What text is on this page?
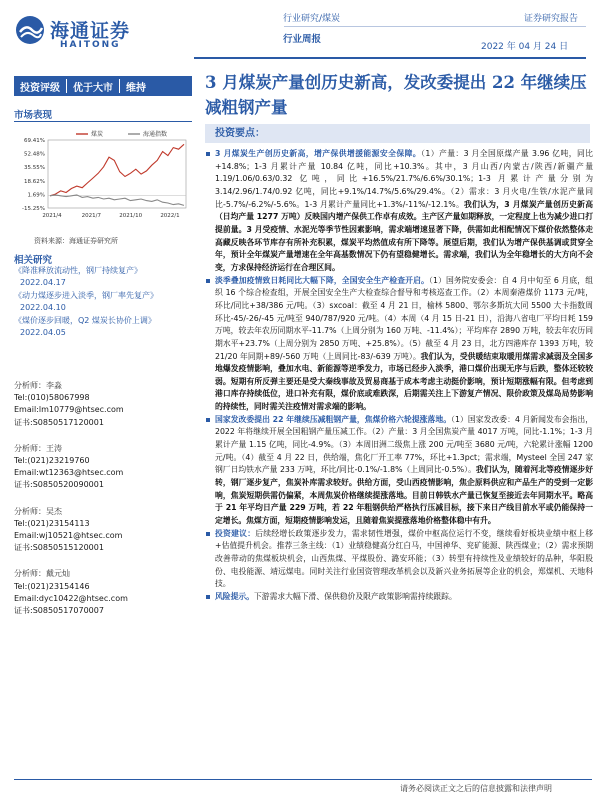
海通证券
HAITONG
行业研究/煤炭
行业周报
证券研究报告
2022 年 04 月 24 日
投资评级	优于大市	维持	3 月煤炭产量创历史新高，发改委提出 22 年继续压减粗钢产量
市场表现
69.41%
52.48%
35.55%
18.62%
1.69%
-15.25%
2021/4	2021/7	2021/10	2022/1
煤炭	海通指数
资料来源：海通证券研究所
相关研究
《降准释放流动性，钢厂持续复产》
2022.04.17
《动力煤逐步进入淡季，钢厂率先复产》
2022.04.10
《煤价逐步回暖，Q2 煤炭长协价上调》
2022.04.05
分析师：李淼
Tel:(010)58067998
Email:lm10779@htsec.com
证书:S0850517120001
分析师：王涛
Tel:(021)23219760
Email:wt12363@htsec.com
证书:S0850520090001
分析师：吴杰
Tel:(021)23154113
Email:wj10521@htsec.com
证书:S0850515120001
分析师：戴元灿
Tel:(021)23154146
Email:dyc10422@htsec.com
证书:S0850517070007
投资要点：
3 月煤炭生产创历史新高，增产保供增援能源安全保障。（1）产量：3 月全国原煤产量 3.96 亿吨，同比+14.8%；1-3 月累计产量 10.84 亿吨，同比+10.3%。其中，3 月山西/内蒙古/陕西/新疆产量 1.19/1.06/0.63/0.32 亿吨，同比+16.5%/21.7%/6.6%/30.1%；1-3 月累计产量分别为 3.14/2.96/1.74/0.92 亿吨，同比+9.1%/14.7%/5.6%/29.4%。（2）需求：3 月火电/生铁/水泥产量同比-5.7%/-6.2%/-5.6%。1-3 月累计产量同比+1.3%/-11%/-12.1%。我们认为，3 月煤炭产量创历史新高（日均产量 1277 万吨）反映国内增产保供工作卓有成效。主产区产量如期释放，一定程度上也为减少进口打提前量。3 月受疫情、水泥光等季节性因素影响，需求端增速显著下降，供需如此相配情况下煤价依然整体走高藏反映各环节库存有所补充积累，煤炭平均然值成有所下降等。展望后期，我们认为增产保供基调或贯穿全年，预计全年煤炭产量增速在全年高基数情况下仍有望稳健增长。需求端，我们认为全年稳增长的大方向不会变，方求保持经济运行在合理区间。
淡季叠加疫情致日耗同比大幅下降，全国安全生产检查开启。（1）国务院安委会：自 4 月中旬至 6 月底，组织 16 个综合检查组，开展全国安全生产大检查综合督导和考核巡查工作。（2）本周秦港煤价 1173 元/吨，环比/同比+38/386 元/吨。（3）sxcoal：截至 4 月 21 日，榆林 5800、鄂尔多斯坑大同 5500 大卡指数周环比-45/-26/-45 元/吨至 940/787/920 元/吨。（4）本周（4 月 15 日-21 日），沿海八省电厂平均日耗 159 万吨，较去年农历同期水平-11.7%（上周分别为 160 万吨、-11.4%）；平均库存 2890 万吨，较去年农历同期水平+23.7%（上周分别为 2850 万吨、+25.8%）。（5）截至 4 月 23 日，北方四港库存 1393 万吨，较 21/20 年同期+89/-560 万吨（上周同比-83/-639 万吨）。我们认为，受供暖结束取暖用煤需求减弱及全国多地爆发疫情影响，叠加水电、新能源等逆季发力，市场已经步入淡季，港口煤价出现无序与后跌，整体还较较弱。短期有所反弹主要还是受大秦线事故及贸易商基于成本考虑主动挺价影响，预计短期涨幅有限。但考虑到港口库存持续低位，进口补充有限，煤价底或难跌深，后期需关注上下游复产情况、限价政策及煤岛局势影响的持续性，同时需关注疫情对需求端的影响。
国家发改委提出 22 年继续压减粗钢产量，焦煤价格六轮提涨落地。（1）国家发改委：4 月新闻发布会指出，2022 年将继续开展全国粗钢产量压减工作。（2）产量：3 月全国焦炭产量 4017 万吨，同比-1.1%；1-3 月累计产量 1.15 亿吨，同比-4.9%。（3）本周旧洲二级焦上涨 200 元/吨至 3680 元/吨，六轮累计涨幅 1200 元/吨。（4）截至 4 月 22 日，供给端，焦化厂开工率 77%，环比+1.3pct；需求端，Mysteel 全国 247 家钢厂日均铁水产量 233 万吨，环比/同比-0.1%/-1.8%（上周同比-0.5%）。我们认为，随着河北等疫情逐步好转，钢厂逐步复产，焦炭补库需求较好。供给方面，受山西疫情影响，焦企原料供应和产品生产的受到一定影响，焦炭短期供需仍偏紧，本周焦炭价格继续提涨落地。目前日韩铁水产量已恢复至接近去年同期水平。略高于 21 年平均日产量 229 万吨，若 22 年粗钢供给严格执行压减目标，接下来日产线目前水平或仍能保持一定增长。焦煤方面，短期疫情影响发运，且随着焦炭提涨落地价格整体稳中有升。
投资建议：后续经增长政策逐步发力，需求韧性增强，煤价中枢高位运行不变，继续看好板块业绩中枢上移+估值提升机会。推荐三条主线：（1）业绩稳健高分红白马，中国神华、兖矿能源、陕西煤业；（2）需求预期改善带动的焦煤板块机会，山西焦煤、平煤股份、潞安环能；（3）转型有持续性及业绩较好的品种，华阳股份、电投能源、靖远煤电。同时关注行业国资管理改革机会以及新兴业务拓展等企业的机会，郑煤机、天地科技。
风险提示。下游需求大幅下滑、保供稳价及限产政策影响需持续跟踪。
请务必阅读正文之后的信息披露和法律声明
